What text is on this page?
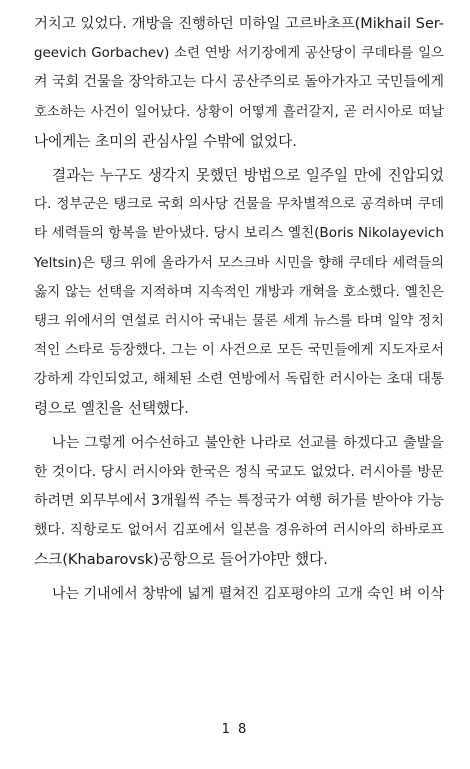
거치고 있었다. 개방을 진행하던 미하일 고르바초프(Mikhail Ser-
geevich Gorbachev) 소련 연방 서기장에게 공산당이 쿠데타를 일으
켜 국회 건물을 장악하고는 다시 공산주의로 돌아가자고 국민들에게
호소하는 사건이 일어났다. 상황이 어떻게 흘러갈지, 곧 러시아로 떠날
나에게는 초미의 관심사일 수밖에 없었다.
결과는 누구도 생각지 못했던 방법으로 일주일 만에 진압되었
다. 정부군은 탱크로 국회 의사당 건물을 무차별적으로 공격하며 쿠데
타 세력들의 항복을 받아냈다. 당시 보리스 옐친(Boris Nikolayevich
Yeltsin)은 탱크 위에 올라가서 모스크바 시민을 향해 쿠데타 세력들의
옳지 않는 선택을 지적하며 지속적인 개방과 개혁을 호소했다. 옐친은
탱크 위에서의 연설로 러시아 국내는 물론 세계 뉴스를 타며 일약 정치
적인 스타로 등장했다. 그는 이 사건으로 모든 국민들에게 지도자로서
강하게 각인되었고, 해체된 소련 연방에서 독립한 러시아는 초대 대통
령으로 옐친을 선택했다.
나는 그렇게 어수선하고 불안한 나라로 선교를 하겠다고 출발을
한 것이다. 당시 러시아와 한국은 정식 국교도 없었다. 러시아를 방문
하려면 외무부에서 3개월씩 주는 특정국가 여행 허가를 받아야 가능
했다. 직항로도 없어서 김포에서 일본을 경유하여 러시아의 하바로프
스크(Khabarovsk)공항으로 들어가야만 했다.
나는 기내에서 창밖에 넓게 펼쳐진 김포평야의 고개 숙인 벼 이삭
1 8
